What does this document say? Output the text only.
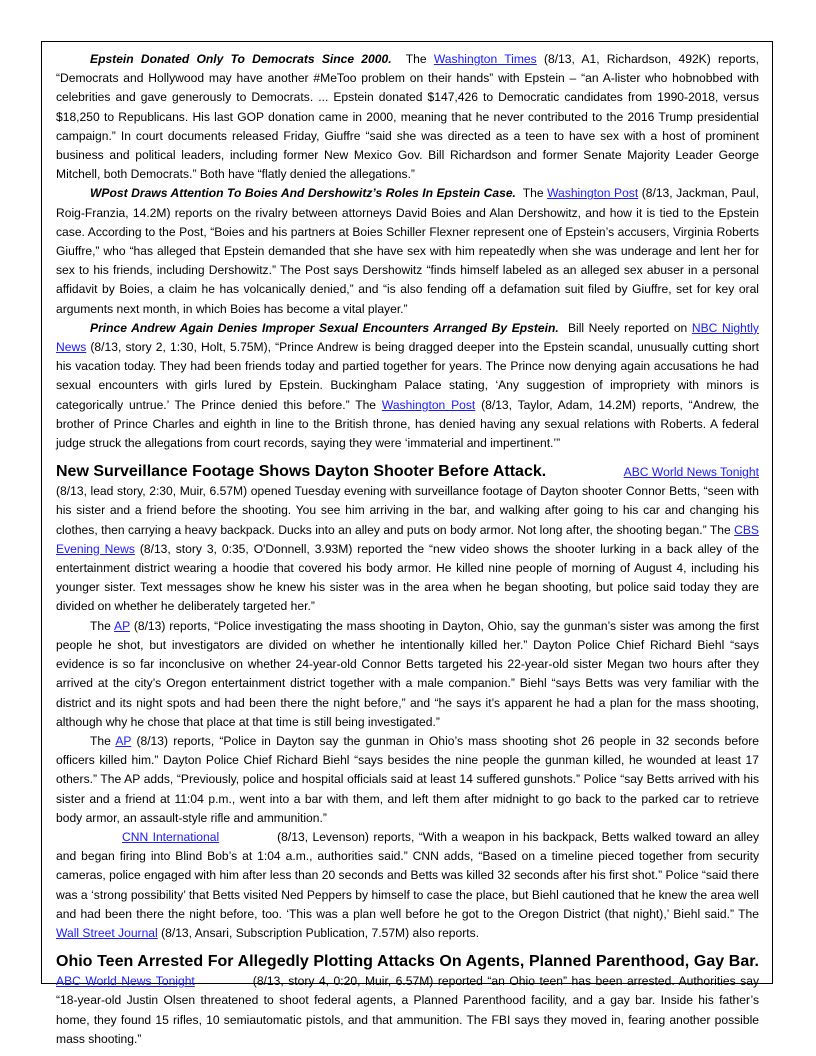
Epstein Donated Only To Democrats Since 2000. The Washington Times (8/13, A1, Richardson, 492K) reports, “Democrats and Hollywood may have another #MeToo problem on their hands” with Epstein – “an A-lister who hobnobbed with celebrities and gave generously to Democrats. ... Epstein donated $147,426 to Democratic candidates from 1990-2018, versus $18,250 to Republicans. His last GOP donation came in 2000, meaning that he never contributed to the 2016 Trump presidential campaign.” In court documents released Friday, Giuffre “said she was directed as a teen to have sex with a host of prominent business and political leaders, including former New Mexico Gov. Bill Richardson and former Senate Majority Leader George Mitchell, both Democrats.” Both have “flatly denied the allegations.”

WPost Draws Attention To Boies And Dershowitz’s Roles In Epstein Case. The Washington Post (8/13, Jackman, Paul, Roig-Franzia, 14.2M) reports on the rivalry between attorneys David Boies and Alan Dershowitz, and how it is tied to the Epstein case. According to the Post, “Boies and his partners at Boies Schiller Flexner represent one of Epstein’s accusers, Virginia Roberts Giuffre,” who “has alleged that Epstein demanded that she have sex with him repeatedly when she was underage and lent her for sex to his friends, including Dershowitz.” The Post says Dershowitz “finds himself labeled as an alleged sex abuser in a personal affidavit by Boies, a claim he has volcanically denied,” and “is also fending off a defamation suit filed by Giuffre, set for key oral arguments next month, in which Boies has become a vital player.”

Prince Andrew Again Denies Improper Sexual Encounters Arranged By Epstein. Bill Neely reported on NBC Nightly News (8/13, story 2, 1:30, Holt, 5.75M), “Prince Andrew is being dragged deeper into the Epstein scandal, unusually cutting short his vacation today. They had been friends today and partied together for years. The Prince now denying again accusations he had sexual encounters with girls lured by Epstein. Buckingham Palace stating, ‘Any suggestion of impropriety with minors is categorically untrue.’ The Prince denied this before.” The Washington Post (8/13, Taylor, Adam, 14.2M) reports, “Andrew, the brother of Prince Charles and eighth in line to the British throne, has denied having any sexual relations with Roberts. A federal judge struck the allegations from court records, saying they were ‘immaterial and impertinent.’”

New Surveillance Footage Shows Dayton Shooter Before Attack.	ABC World News Tonight

(8/13, lead story, 2:30, Muir, 6.57M) opened Tuesday evening with surveillance footage of Dayton shooter Connor Betts, “seen with his sister and a friend before the shooting. You see him arriving in the bar, and walking after going to his car and changing his clothes, then carrying a heavy backpack. Ducks into an alley and puts on body armor. Not long after, the shooting began.” The CBS Evening News (8/13, story 3, 0:35, O'Donnell, 3.93M) reported the “new video shows the shooter lurking in a back alley of the entertainment district wearing a hoodie that covered his body armor. He killed nine people of morning of August 4, including his younger sister. Text messages show he knew his sister was in the area when he began shooting, but police said today they are divided on whether he deliberately targeted her.”

The AP (8/13) reports, “Police investigating the mass shooting in Dayton, Ohio, say the gunman’s sister was among the first people he shot, but investigators are divided on whether he intentionally killed her.” Dayton Police Chief Richard Biehl “says evidence is so far inconclusive on whether 24-year-old Connor Betts targeted his 22-year-old sister Megan two hours after they arrived at the city’s Oregon entertainment district together with a male companion.” Biehl “says Betts was very familiar with the district and its night spots and had been there the night before,” and “he says it’s apparent he had a plan for the mass shooting, although why he chose that place at that time is still being investigated.”

The AP (8/13) reports, “Police in Dayton say the gunman in Ohio’s mass shooting shot 26 people in 32 seconds before officers killed him.” Dayton Police Chief Richard Biehl “says besides the nine people the gunman killed, he wounded at least 17 others.” The AP adds, “Previously, police and hospital officials said at least 14 suffered gunshots.” Police “say Betts arrived with his sister and a friend at 11:04 p.m., went into a bar with them, and left them after midnight to go back to the parked car to retrieve body armor, an assault-style rifle and ammunition.”

CNN International	(8/13, Levenson) reports, “With a weapon in his backpack, Betts walked toward an alley and began firing into Blind Bob’s at 1:04 a.m., authorities said.” CNN adds, “Based on a timeline pieced together from security cameras, police engaged with him after less than 20 seconds and Betts was killed 32 seconds after his first shot.” Police “said there was a ‘strong possibility’ that Betts visited Ned Peppers by himself to case the place, but Biehl cautioned that he knew the area well and had been there the night before, too. ‘This was a plan well before he got to the Oregon District (that night),’ Biehl said.” The Wall Street Journal (8/13, Ansari, Subscription Publication, 7.57M) also reports.

Ohio Teen Arrested For Allegedly Plotting Attacks On Agents, Planned Parenthood, Gay Bar.

ABC World News Tonight	(8/13, story 4, 0:20, Muir, 6.57M) reported “an Ohio teen” has been arrested. Authorities say “18-year-old Justin Olsen threatened to shoot federal agents, a Planned Parenthood facility, and a gay bar. Inside his father’s home, they found 15 rifles, 10 semiautomatic pistols, and that ammunition. The FBI says they moved in, fearing another possible mass shooting.”
